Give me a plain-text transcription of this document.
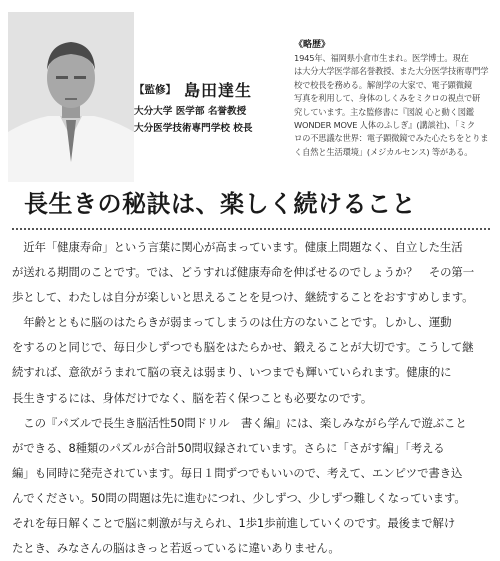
【監修】 島田達生
大分大学 医学部 名誉教授
大分医学技術専門学校 校長
《略歴》
1945年、福岡県小倉市生まれ。医学博士。現在
は大分大学医学部名誉教授、また大分医学技術専門学
校で校長を務める。解剖学の大家で、電子顕微鏡
写真を利用して、身体のしくみをミクロの視点で研
究しています。主な監修書に『図説 心と動く図鑑
WONDER MOVE 人体のふしぎ』(講談社)、「ミク
ロの不思議な世界：電子顕微鏡でみた心たちをとりま
く自然と生活環境」(メジカルセンス) 等がある。
長生きの秘訣は、楽しく続けること
　近年「健康寿命」という言葉に関心が高まっています。健康上問題なく、自立した生活
が送れる期間のことです。では、どうすれば健康寿命を伸ばせるのでしょうか？　その第一
歩として、わたしは自分が楽しいと思えることを見つけ、継続することをおすすめします。
　年齢とともに脳のはたらきが弱まってしまうのは仕方のないことです。しかし、運動
をするのと同じで、毎日少しずつでも脳をはたらかせ、鍛えることが大切です。こうして継
続すれば、意欲がうまれて脳の衰えは弱まり、いつまでも輝いていられます。健康的に
長生きするには、身体だけでなく、脳を若く保つことも必要なのです。
　この『パズルで長生き脳活性50問ドリル　書く編』には、楽しみながら学んで遊ぶこと
ができる、8種類のパズルが合計50問収録されています。さらに「さがす編」「考える
編」も同時に発売されています。毎日１問ずつでもいいので、考えて、エンピツで書き込
んでください。50問の問題は先に進むにつれ、少しずつ、少しずつ難しくなっています。
それを毎日解くことで脳に刺激が与えられ、1歩1歩前進していくのです。最後まで解け
たとき、みなさんの脳はきっと若返っているに違いありません。
